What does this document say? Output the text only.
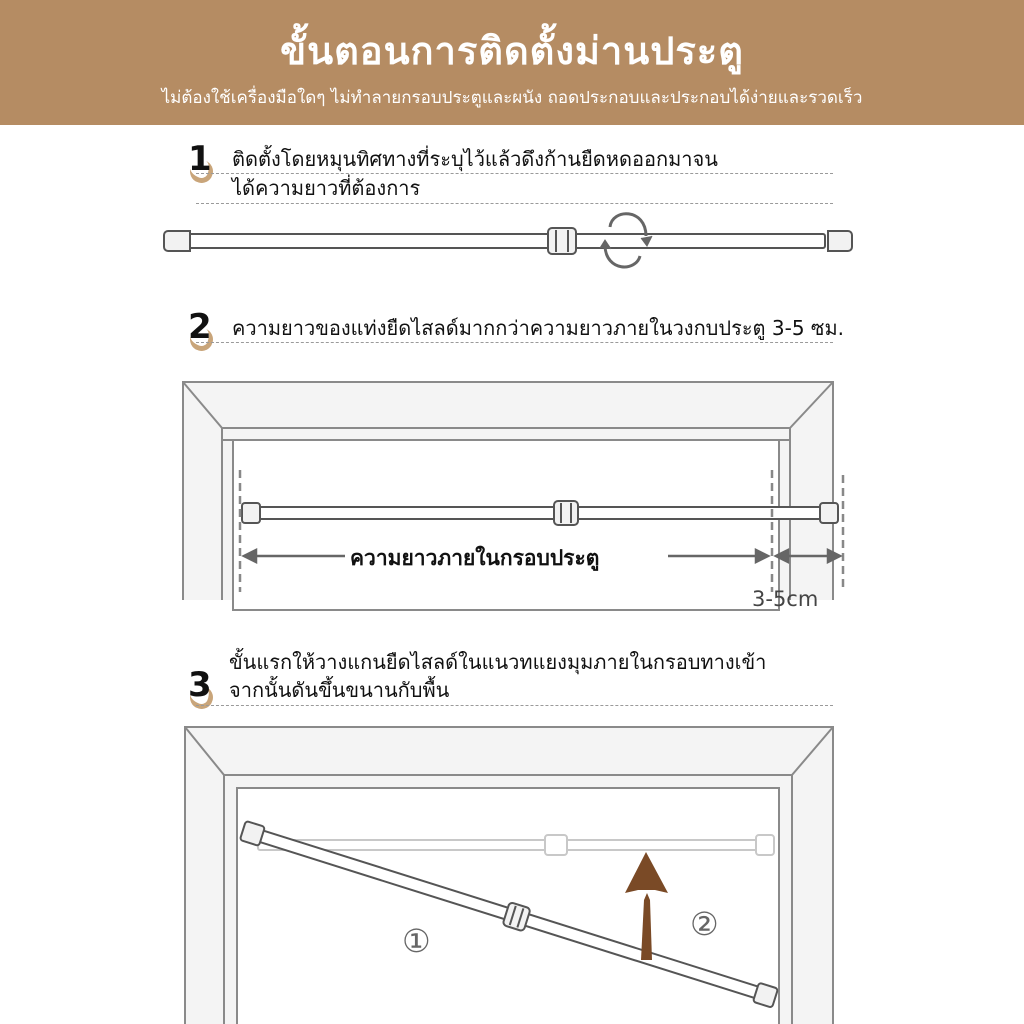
ขั้นตอนการติดตั้งม่านประตู
ไม่ต้องใช้เครื่องมือใดๆ ไม่ทำลายกรอบประตูและผนัง ถอดประกอบและประกอบได้ง่ายและรวดเร็ว
1 ติดตั้งโดยหมุนทิศทางที่ระบุไว้แล้วดึงก้านยืดหดออกมาจน
ได้ความยาวที่ต้องการ
2 ความยาวของแท่งยืดไสลด์มากกว่าความยาวภายในวงกบประตู 3-5 ซม.
ความยาวภายในกรอบประตู
3-5cm
3
ขั้นแรกให้วางแกนยืดไสลด์ในแนวทแยงมุมภายในกรอบทางเข้า
จากนั้นดันขึ้นขนานกับพื้น
①	②
